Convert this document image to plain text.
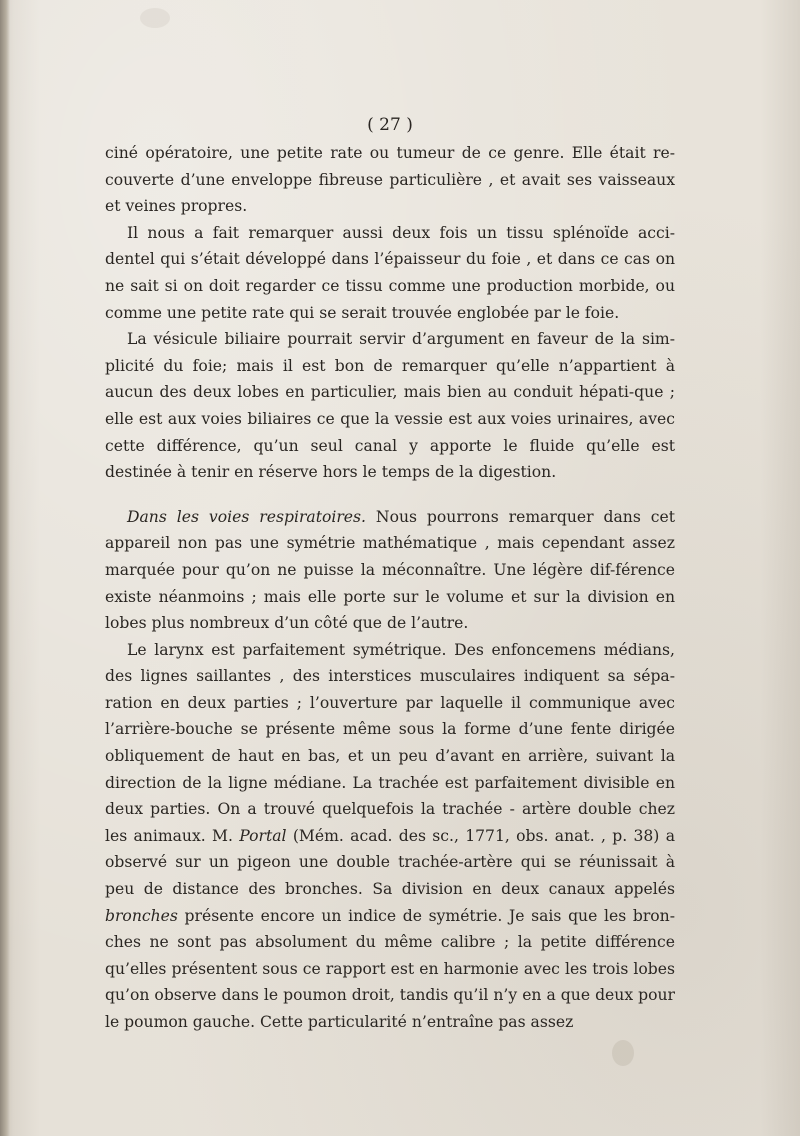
( 27 )

ciné opératoire, une petite rate ou tumeur de ce genre. Elle était re-couverte d’une enveloppe fibreuse particulière , et avait ses vaisseaux et veines propres.

Il nous a fait remarquer aussi deux fois un tissu splénoïde acci-dentel qui s’était développé dans l’épaisseur du foie , et dans ce cas on ne sait si on doit regarder ce tissu comme une production morbide, ou comme une petite rate qui se serait trouvée englobée par le foie.

La vésicule biliaire pourrait servir d’argument en faveur de la sim-plicité du foie; mais il est bon de remarquer qu’elle n’appartient à aucun des deux lobes en particulier, mais bien au conduit hépati-que ; elle est aux voies biliaires ce que la vessie est aux voies urinaires, avec cette différence, qu’un seul canal y apporte le fluide qu’elle est destinée à tenir en réserve hors le temps de la digestion.

Dans les voies respiratoires. Nous pourrons remarquer dans cet appareil non pas une symétrie mathématique , mais cependant assez marquée pour qu’on ne puisse la méconnaître. Une légère dif-férence existe néanmoins ; mais elle porte sur le volume et sur la division en lobes plus nombreux d’un côté que de l’autre.

Le larynx est parfaitement symétrique. Des enfoncemens médians, des lignes saillantes , des interstices musculaires indiquent sa sépa-ration en deux parties ; l’ouverture par laquelle il communique avec l’arrière-bouche se présente même sous la forme d’une fente dirigée obliquement de haut en bas, et un peu d’avant en arrière, suivant la direction de la ligne médiane. La trachée est parfaitement divisible en deux parties. On a trouvé quelquefois la trachée - artère double chez les animaux. M. Portal (Mém. acad. des sc., 1771, obs. anat. , p. 38) a observé sur un pigeon une double trachée-artère qui se réunissait à peu de distance des bronches. Sa division en deux canaux appelés bronches présente encore un indice de symétrie. Je sais que les bron-ches ne sont pas absolument du même calibre ; la petite différence qu’elles présentent sous ce rapport est en harmonie avec les trois lobes qu’on observe dans le poumon droit, tandis qu’il n’y en a que deux pour le poumon gauche. Cette particularité n’entraîne pas assez
